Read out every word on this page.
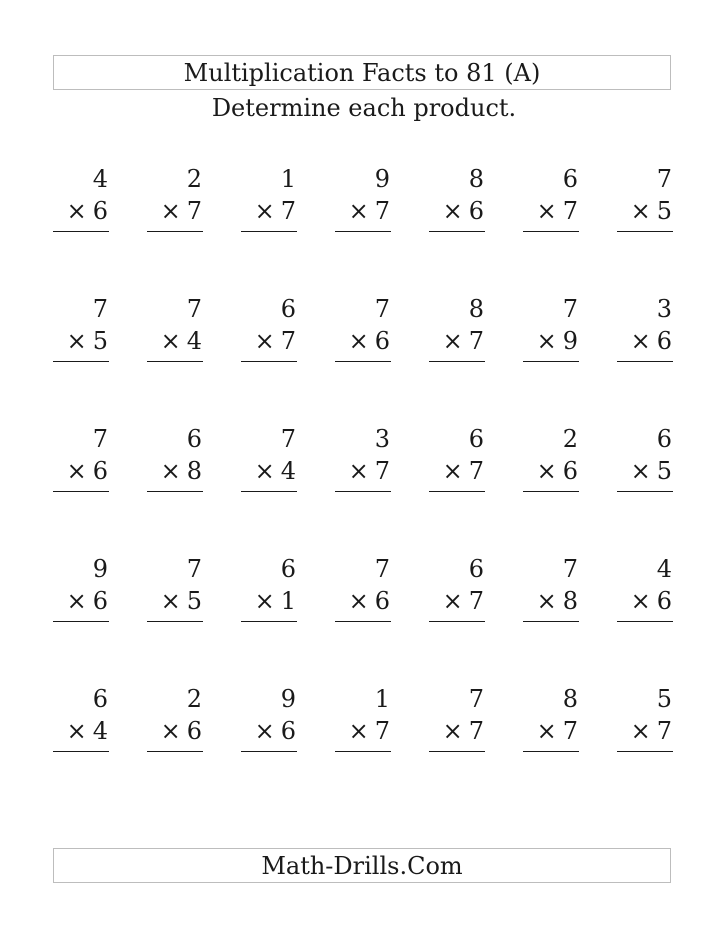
Multiplication Facts to 81 (A)
Determine each product.
4
× 6
2
× 7
1
× 7
9
× 7
8
× 6
6
× 7
7
× 5
7
× 5
7
× 4
6
× 7
7
× 6
8
× 7
7
× 9
3
× 6
7
× 6
6
× 8
7
× 4
3
× 7
6
× 7
2
× 6
6
× 5
9
× 6
7
× 5
6
× 1
7
× 6
6
× 7
7
× 8
4
× 6
6
× 4
2
× 6
9
× 6
1
× 7
7
× 7
8
× 7
5
× 7
Math-Drills.Com
